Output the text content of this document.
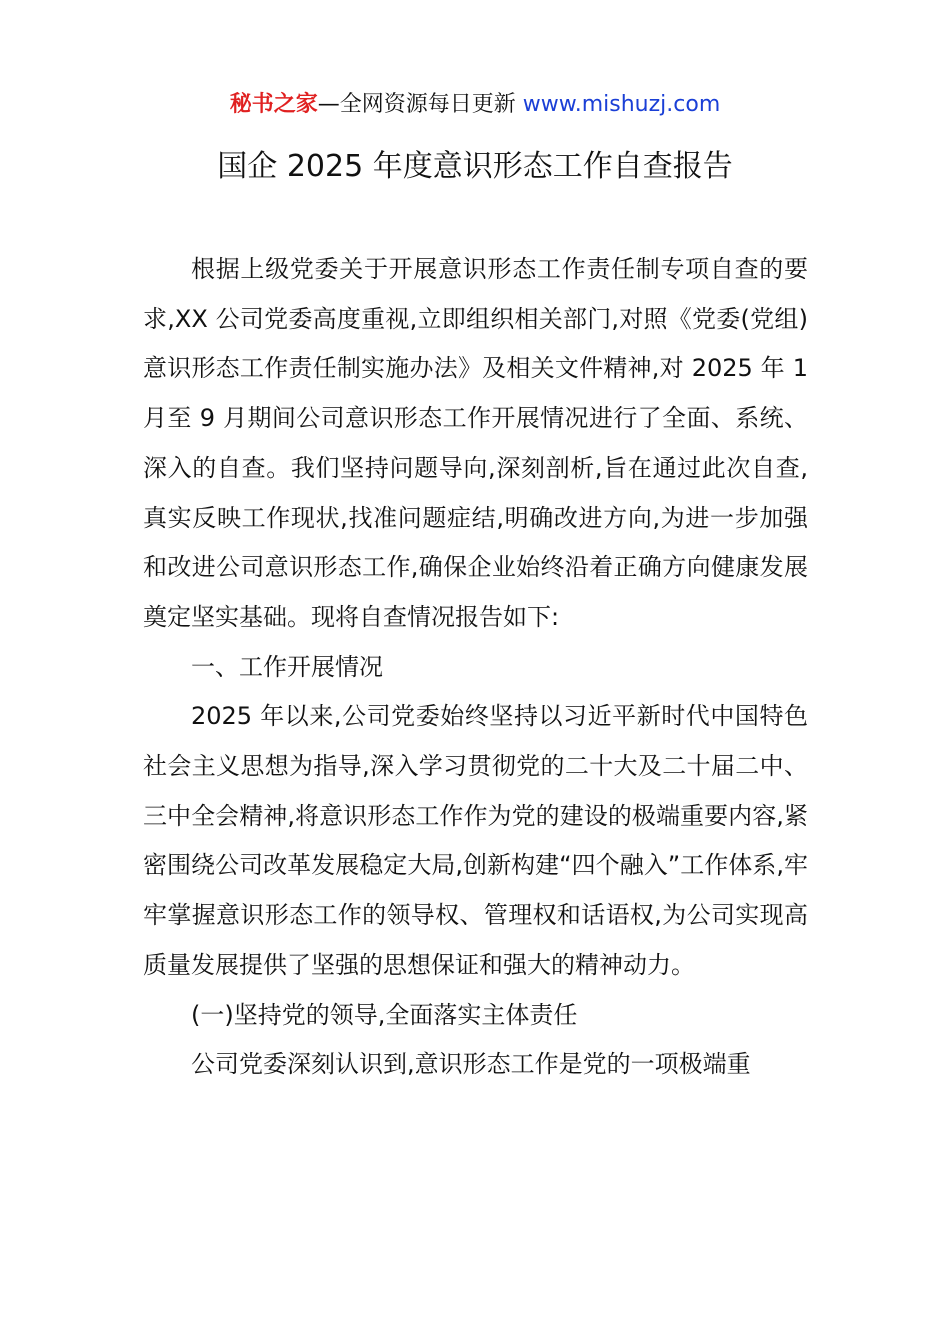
秘书之家—全网资源每日更新 www.mishuzj.com
国企 2025 年度意识形态工作自查报告

根据上级党委关于开展意识形态工作责任制专项自查的要求,XX 公司党委高度重视,立即组织相关部门,对照《党委(党组)意识形态工作责任制实施办法》及相关文件精神,对 2025 年 1 月至 9 月期间公司意识形态工作开展情况进行了全面、系统、深入的自查。我们坚持问题导向,深刻剖析,旨在通过此次自查,真实反映工作现状,找准问题症结,明确改进方向,为进一步加强和改进公司意识形态工作,确保企业始终沿着正确方向健康发展奠定坚实基础。现将自查情况报告如下:

一、工作开展情况

2025 年以来,公司党委始终坚持以习近平新时代中国特色社会主义思想为指导,深入学习贯彻党的二十大及二十届二中、三中全会精神,将意识形态工作作为党的建设的极端重要内容,紧密围绕公司改革发展稳定大局,创新构建“四个融入”工作体系,牢牢掌握意识形态工作的领导权、管理权和话语权,为公司实现高质量发展提供了坚强的思想保证和强大的精神动力。

(一)坚持党的领导,全面落实主体责任

公司党委深刻认识到,意识形态工作是党的一项极端重
